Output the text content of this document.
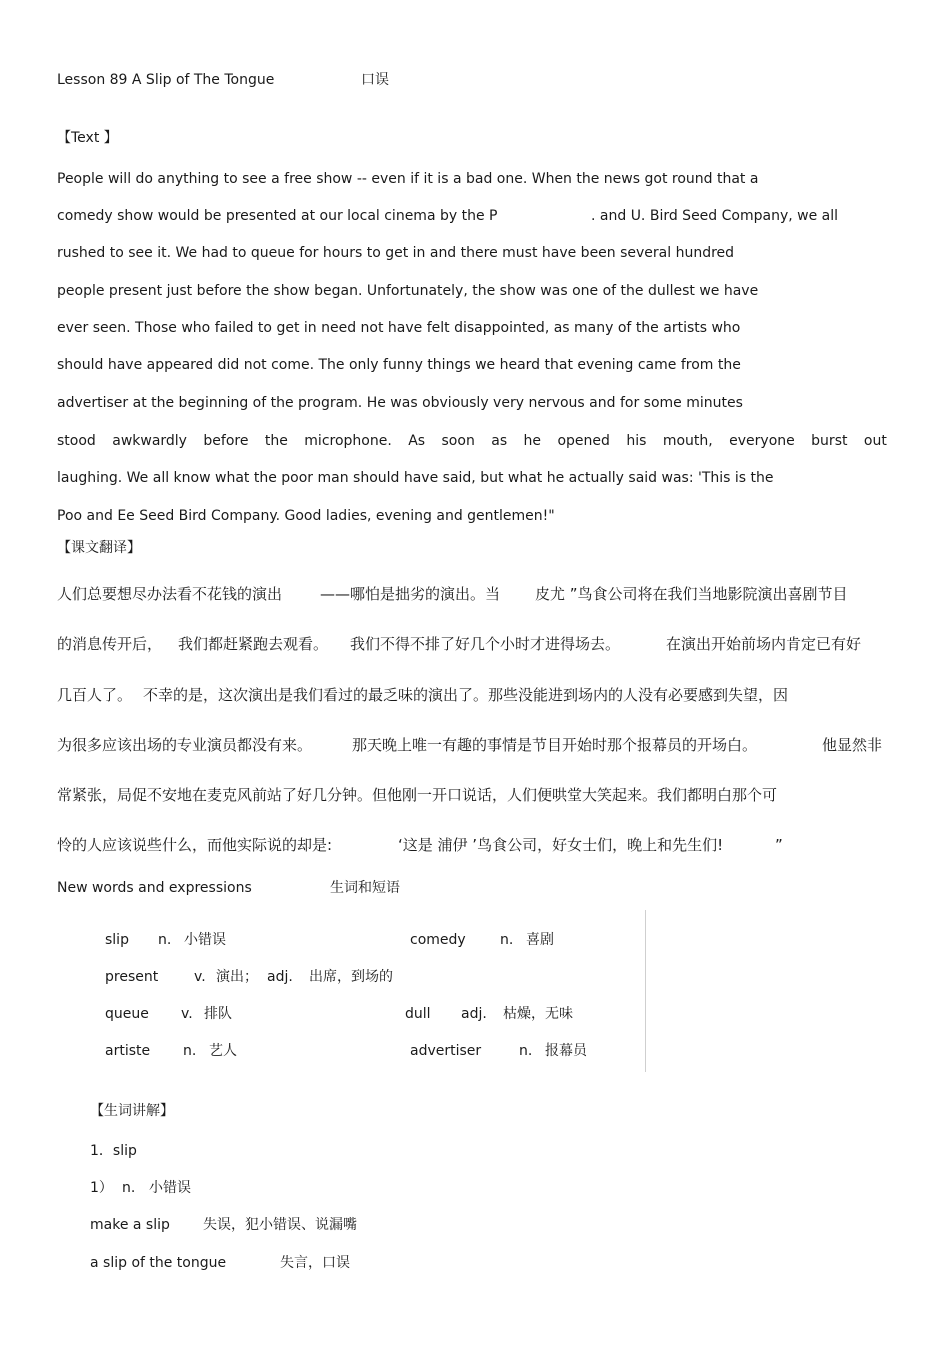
Lesson 89 A Slip of The Tongue	口误
【Text 】
People will do anything to see a free show -- even if it is a bad one. When the news got round that a
comedy show would be presented at our local cinema by the P	. and U. Bird Seed Company, we all
rushed to see it. We had to queue for hours to get in and there must have been several hundred
people present just before the show began. Unfortunately, the show was one of the dullest we have
ever seen. Those who failed to get in need not have felt disappointed, as many of the artists who
should have appeared did not come. The only funny things we heard that evening came from the
advertiser at the beginning of the program. He was obviously very nervous and for some minutes
stood awkwardly before the microphone. As soon as he opened his mouth, everyone burst out
laughing. We all know what the poor man should have said, but what he actually said was: 'This is the
Poo and Ee Seed Bird Company. Good ladies, evening and gentlemen!"
【课文翻译】
人们总要想尽办法看不花钱的演出	——哪怕是拙劣的演出。当 皮尤 ”鸟食公司将在我们当地影院演出喜剧节目
的消息传开后， 我们都赶紧跑去观看。 我们不得不排了好几个小时才进得场去。	在演出开始前场内肯定已有好
几百人了。 不幸的是，这次演出是我们看过的最乏味的演出了。那些没能进到场内的人没有必要感到失望，因
为很多应该出场的专业演员都没有来。	那天晚上唯一有趣的事情是节目开始时那个报幕员的开场白。	他显然非
常紧张，局促不安地在麦克风前站了好几分钟。但他刚一开口说话，人们便哄堂大笑起来。我们都明白那个可
怜的人应该说些什么，而他实际说的却是:	‘这是 浦伊 ’鸟食公司，好女士们，晚上和先生们!	”
New words and expressions	生词和短语
slip n. 小错误	comedy n. 喜剧
present	v. 演出； adj. 出席，到场的
queue v. 排队	dull adj. 枯燥，无味
artiste n. 艺人	advertiser	n. 报幕员
【生词讲解】
1．slip
1） n. 小错误
make a slip 失误，犯小错误、说漏嘴
a slip of the tongue	失言，口误
